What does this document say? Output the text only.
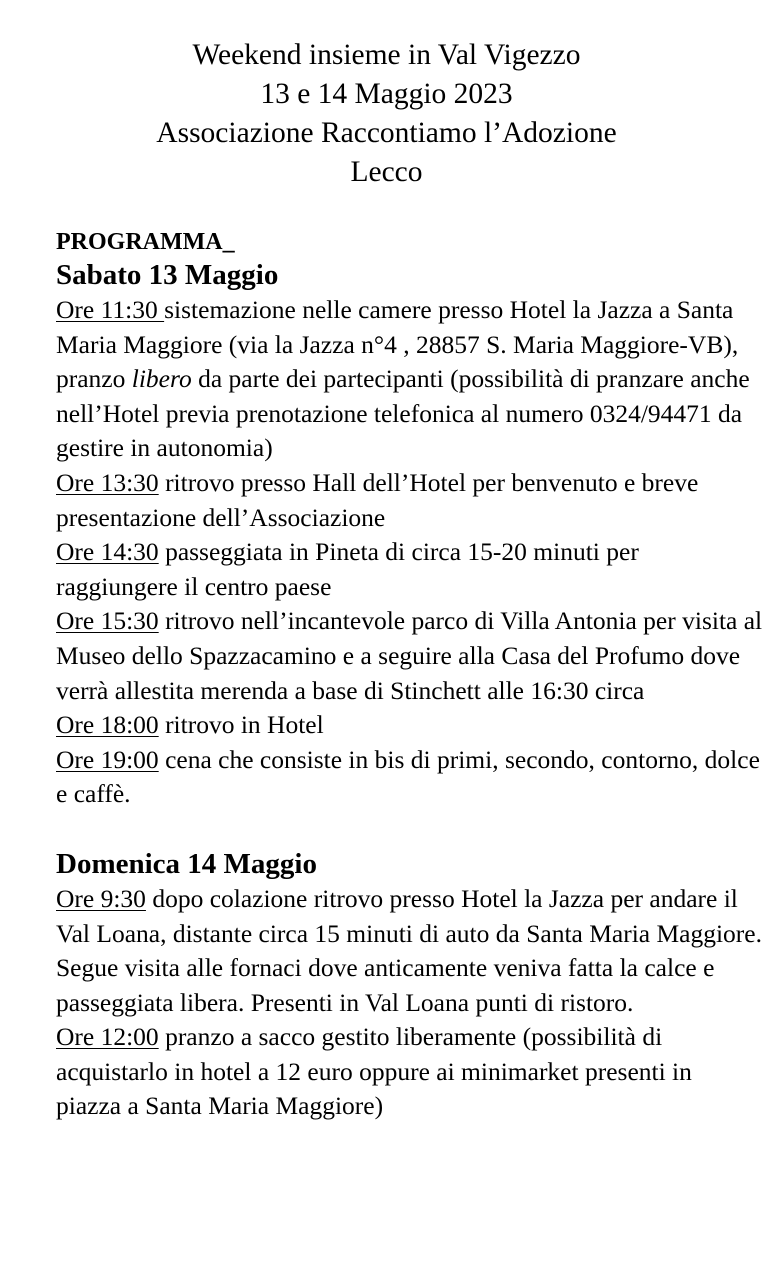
Weekend insieme in Val Vigezzo
13 e 14 Maggio 2023
Associazione Raccontiamo l’Adozione
Lecco
PROGRAMMA_
Sabato 13 Maggio
Ore 11:30 sistemazione nelle camere presso Hotel la Jazza a Santa Maria Maggiore (via la Jazza n°4 , 28857 S. Maria Maggiore-VB), pranzo libero da parte dei partecipanti (possibilità di pranzare anche nell’Hotel previa prenotazione telefonica al numero 0324/94471 da gestire in autonomia)
Ore 13:30 ritrovo presso Hall dell’Hotel per benvenuto e breve presentazione dell’Associazione
Ore 14:30 passeggiata in Pineta di circa 15-20 minuti per raggiungere il centro paese
Ore 15:30 ritrovo nell’incantevole parco di Villa Antonia per visita al Museo dello Spazzacamino e a seguire alla Casa del Profumo dove verrà allestita merenda a base di Stinchett alle 16:30 circa
Ore 18:00 ritrovo in Hotel
Ore 19:00 cena che consiste in bis di primi, secondo, contorno, dolce e caffè.
Domenica 14 Maggio
Ore 9:30 dopo colazione ritrovo presso Hotel la Jazza per andare il Val Loana, distante circa 15 minuti di auto da Santa Maria Maggiore. Segue visita alle fornaci dove anticamente veniva fatta la calce e passeggiata libera. Presenti in Val Loana punti di ristoro.
Ore 12:00 pranzo a sacco gestito liberamente (possibilità di acquistarlo in hotel a 12 euro oppure ai minimarket presenti in piazza a Santa Maria Maggiore)
